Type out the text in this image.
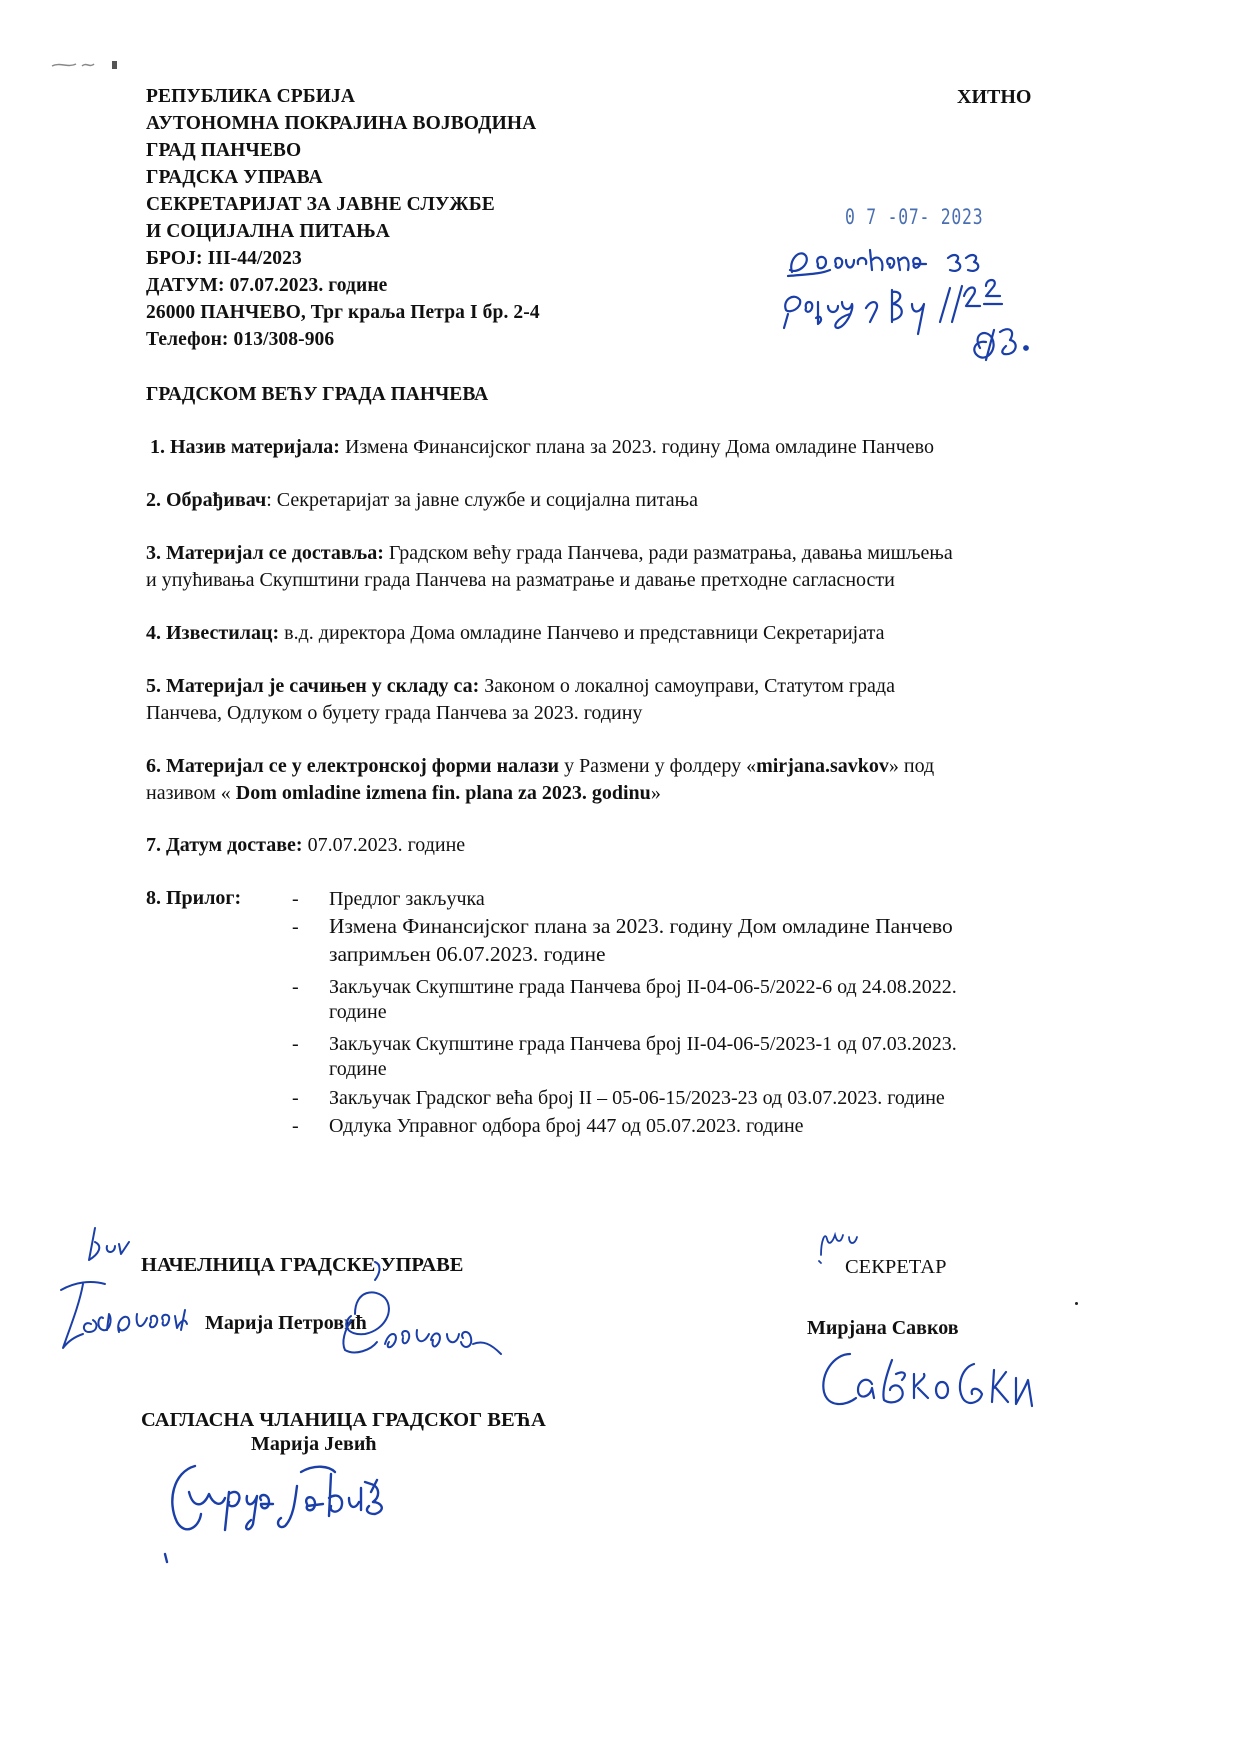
РЕПУБЛИКА СРБИЈА
АУТОНОМНА ПОКРАЈИНА ВОЈВОДИНА
ГРАД ПАНЧЕВО
ГРАДСКА УПРАВА
СЕКРЕТАРИЈАТ ЗА ЈАВНЕ СЛУЖБЕ
И СОЦИЈАЛНА ПИТАЊА
БРОЈ: III-44/2023
ДАТУМ: 07.07.2023. године
26000 ПАНЧЕВО, Трг краља Петра I бр. 2-4
Телефон: 013/308-906
ХИТНО
0 7 -07- 2023
ГРАДСКОМ ВЕЋУ ГРАДА ПАНЧЕВА
1. Назив материјала: Измена Финансијског плана за 2023. годину Дома омладине Панчево
2. Обрађивач: Секретаријат за јавне службе и социјална питања
3. Материјал се доставља: Градском већу града Панчева, ради разматрања, давања мишљења
и упућивања Скупштини града Панчева на разматрање и давање претходне сагласности
4. Известилац: в.д. директора Дома омладине Панчево и представници Секретаријата
5. Материјал је сачињен у складу са: Законом о локалној самоуправи, Статутом града
Панчева, Одлуком о буџету града Панчева за 2023. годину
6. Материјал се у електронској форми налази у Размени у фолдеру «mirjana.savkov» под
називом « Dom omladine izmena fin. plana za 2023. godinu»
7. Датум доставе: 07.07.2023. године
8. Прилог:	- Предлог закључка
- Измена Финансијског плана за 2023. годину Дом омладине Панчево
запримљен 06.07.2023. године
- Закључак Скупштине града Панчева број II-04-06-5/2022-6 од 24.08.2022.
године
- Закључак Скупштине града Панчева број II-04-06-5/2023-1 од 07.03.2023.
године
- Закључак Градског већа број II – 05-06-15/2023-23 од 03.07.2023. године
- Одлука Управног одбора број 447 од 05.07.2023. године
НАЧЕЛНИЦА ГРАДСКЕ УПРАВЕ
Марија Петровић
САГЛАСНА ЧЛАНИЦА ГРАДСКОГ ВЕЋА
Марија Јевић
СЕКРЕТАР
Мирјана Савков
